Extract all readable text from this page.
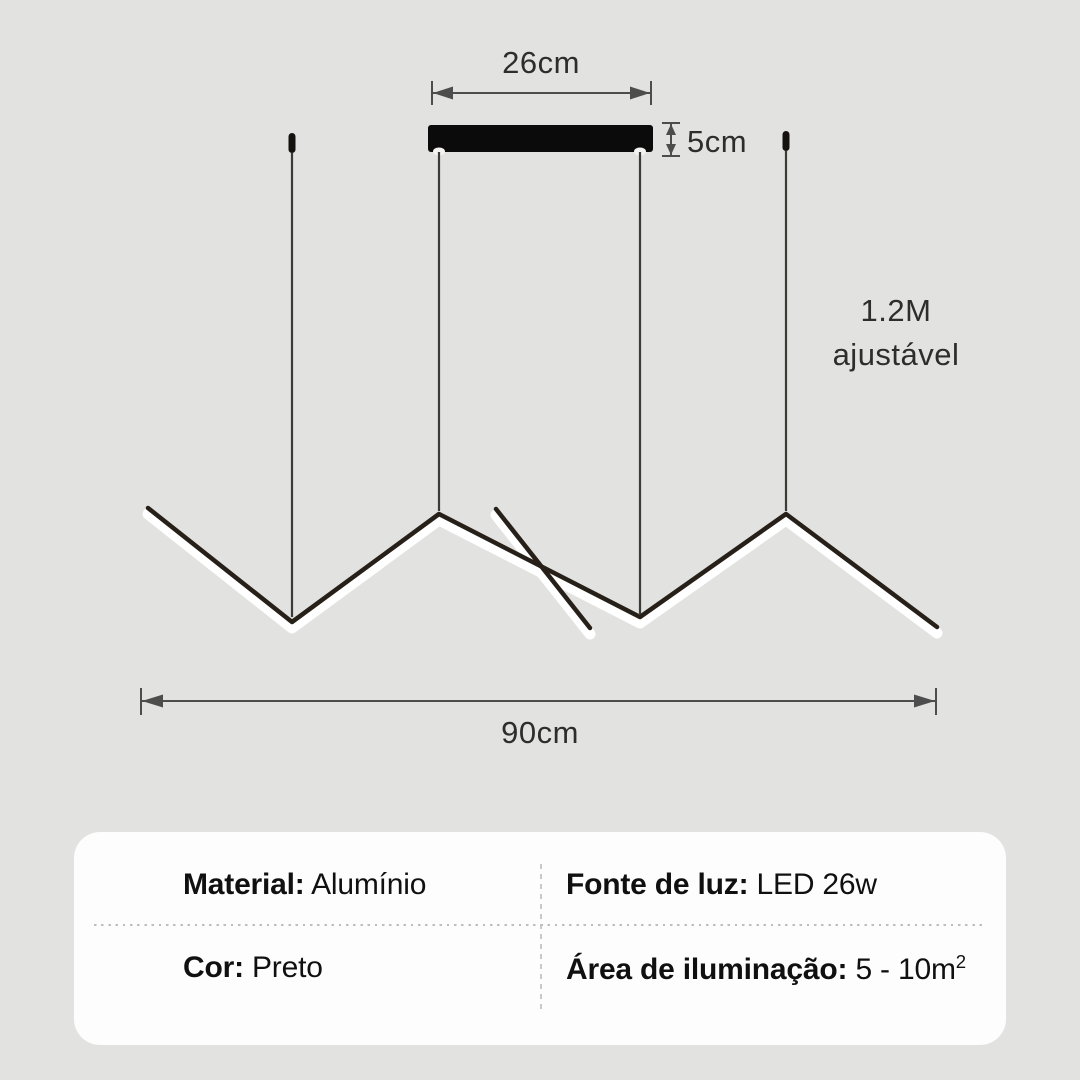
26cm
5cm
1.2M
ajustável
90cm
Material: Alumínio	Fonte de luz: LED 26w
Cor: Preto	Área de iluminação: $5 - 10m^2$
